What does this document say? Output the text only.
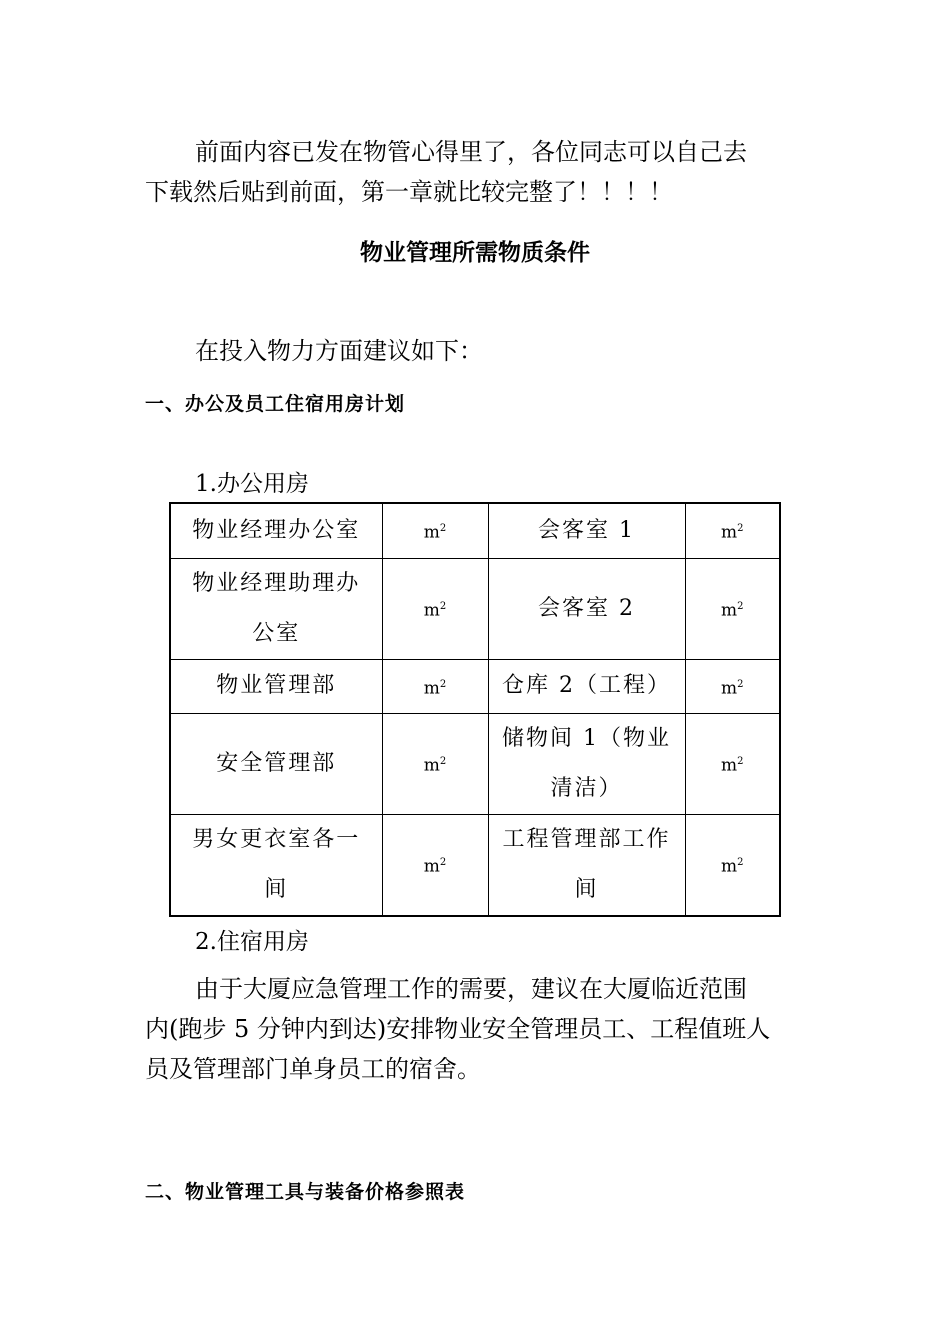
前面内容已发在物管心得里了，各位同志可以自己去
下载然后贴到前面，第一章就比较完整了！！！！

物业管理所需物质条件

在投入物力方面建议如下：

一、办公及员工住宿用房计划
1.办公用房
物业经理办公室	$m^2$	会客室 1	$m^2$
物业经理助理办公室	$m^2$	会客室 2	$m^2$
物业管理部	$m^2$	仓库 2（工程）	$m^2$
安全管理部	$m^2$	储物间 1（物业清洁）	$m^2$
男女更衣室各一间	$m^2$	工程管理部工作间	$m^2$
2.住宿用房

由于大厦应急管理工作的需要，建议在大厦临近范围
内(跑步 5 分钟内到达)安排物业安全管理员工、工程值班人
员及管理部门单身员工的宿舍。

二、物业管理工具与装备价格参照表
